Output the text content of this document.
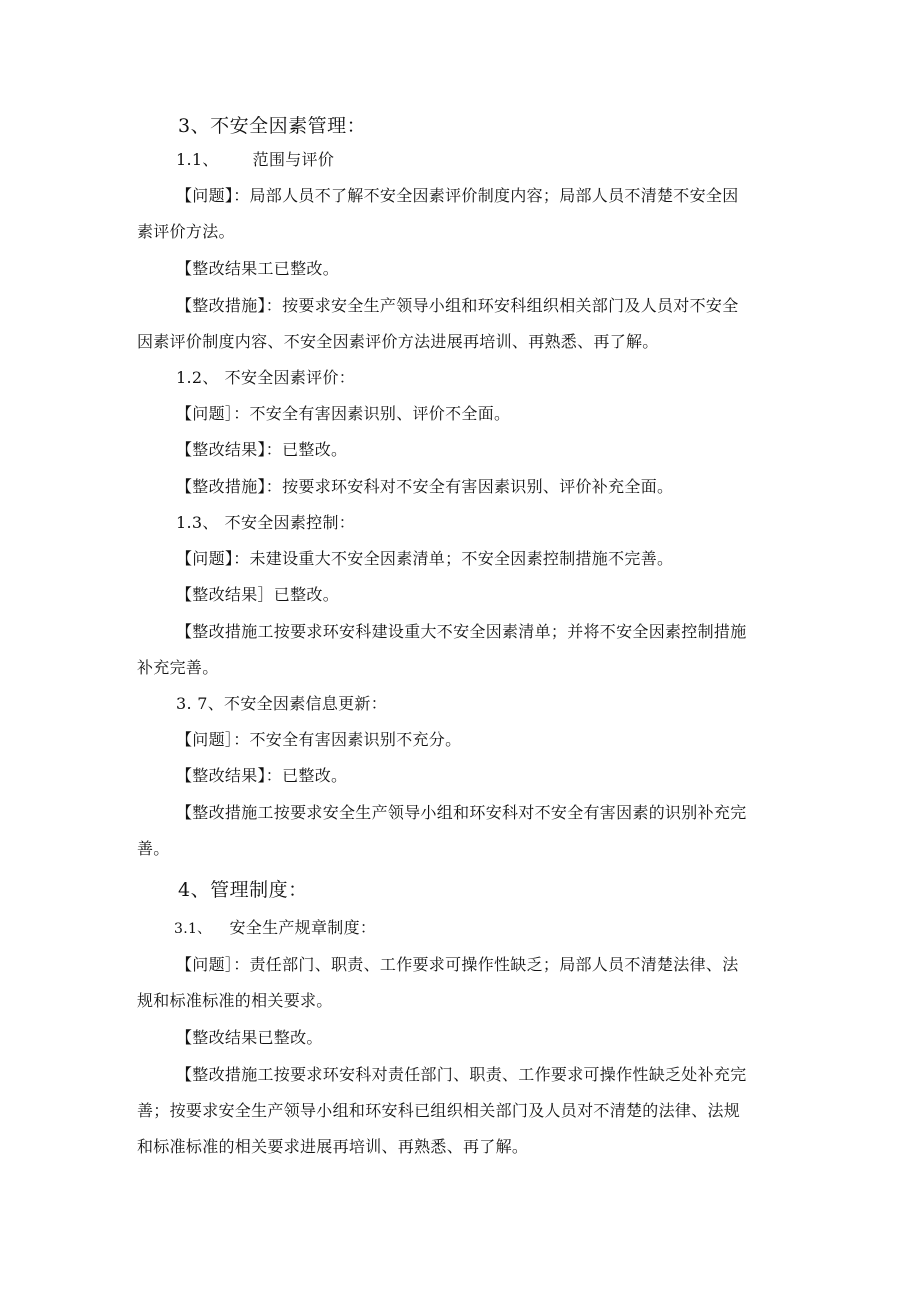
3、不安全因素管理：
1.1、 范围与评价
【问题】：局部人员不了解不安全因素评价制度内容；局部人员不清楚不安全因
素评价方法。
【整改结果工已整改。
【整改措施】：按要求安全生产领导小组和环安科组织相关部门及人员对不安全
因素评价制度内容、不安全因素评价方法进展再培训、再熟悉、再了解。
1.2、 不安全因素评价：
【问题］：不安全有害因素识别、评价不全面。
【整改结果】：已整改。
【整改措施】：按要求环安科对不安全有害因素识别、评价补充全面。
1.3、 不安全因素控制：
【问题】：未建设重大不安全因素清单；不安全因素控制措施不完善。
【整改结果］已整改。
【整改措施工按要求环安科建设重大不安全因素清单；并将不安全因素控制措施
补充完善。
3. 7、不安全因素信息更新：
【问题］：不安全有害因素识别不充分。
【整改结果】：已整改。
【整改措施工按要求安全生产领导小组和环安科对不安全有害因素的识别补充完
善。
4、管理制度：
3.1、 安全生产规章制度：
【问题］：责任部门、职责、工作要求可操作性缺乏；局部人员不清楚法律、法
规和标准标准的相关要求。
【整改结果已整改。
【整改措施工按要求环安科对责任部门、职责、工作要求可操作性缺乏处补充完
善；按要求安全生产领导小组和环安科已组织相关部门及人员对不清楚的法律、法规
和标准标准的相关要求进展再培训、再熟悉、再了解。
